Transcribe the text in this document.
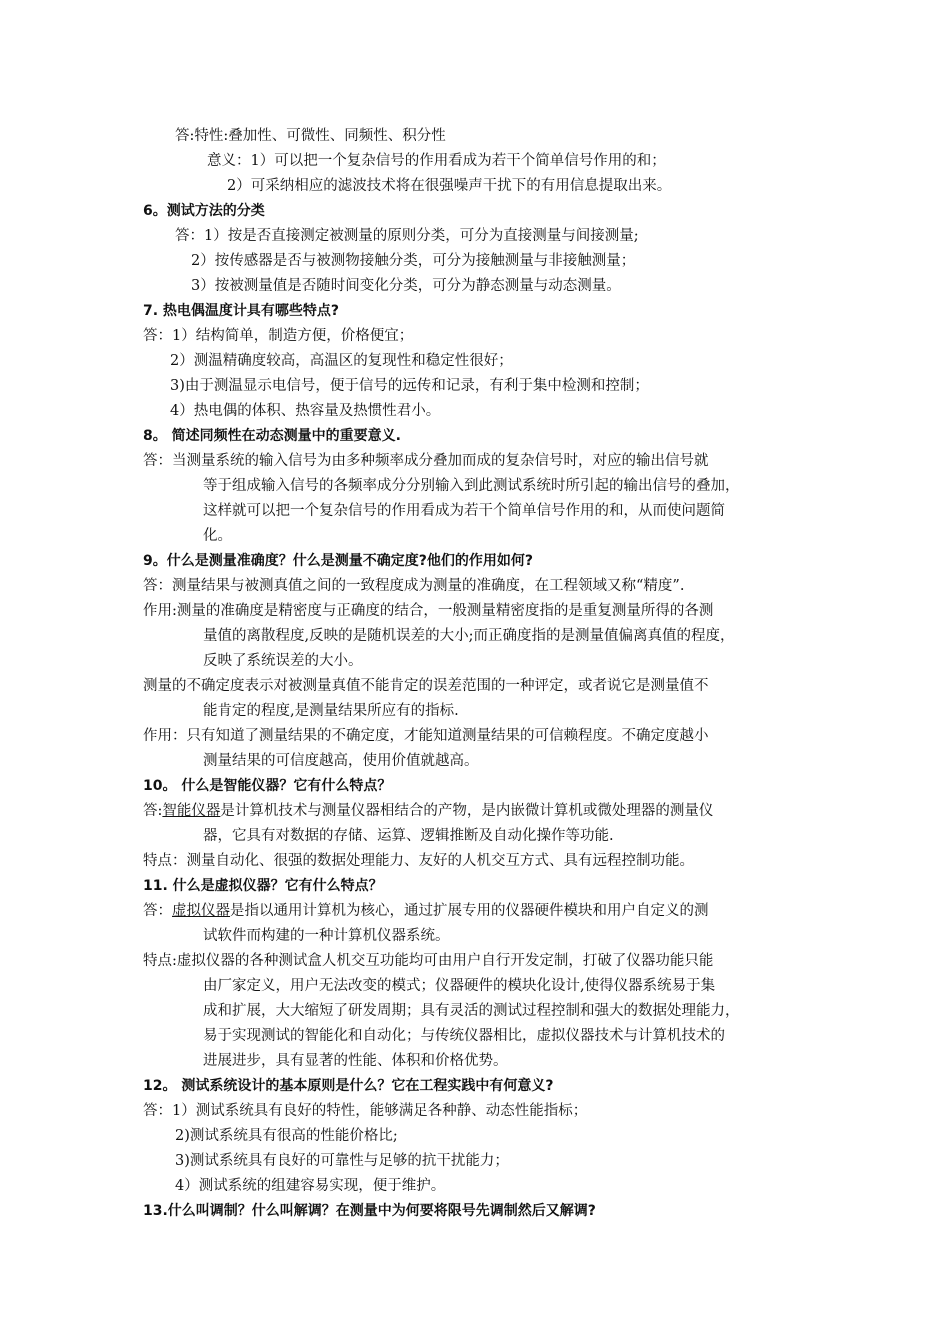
答:特性:叠加性、可微性、同频性、积分性
意义：1）可以把一个复杂信号的作用看成为若干个简单信号作用的和；
2）可采纳相应的滤波技术将在很强噪声干扰下的有用信息提取出来。
6。测试方法的分类
答：1）按是否直接测定被测量的原则分类，可分为直接测量与间接测量;
2）按传感器是否与被测物接触分类，可分为接触测量与非接触测量；
3）按被测量值是否随时间变化分类，可分为静态测量与动态测量。
7. 热电偶温度计具有哪些特点?
答：1）结构简单，制造方便，价格便宜；
2）测温精确度较高，高温区的复现性和稳定性很好；
3)由于测温显示电信号，便于信号的远传和记录，有利于集中检测和控制；
4）热电偶的体积、热容量及热惯性君小。
8。 简述同频性在动态测量中的重要意义.
答：当测量系统的输入信号为由多种频率成分叠加而成的复杂信号时，对应的输出信号就
等于组成输入信号的各频率成分分别输入到此测试系统时所引起的输出信号的叠加，
这样就可以把一个复杂信号的作用看成为若干个简单信号作用的和，从而使问题简
化。
9。什么是测量准确度？什么是测量不确定度?他们的作用如何?
答：测量结果与被测真值之间的一致程度成为测量的准确度，在工程领域又称“精度”.
作用:测量的准确度是精密度与正确度的结合，一般测量精密度指的是重复测量所得的各测
量值的离散程度,反映的是随机误差的大小;而正确度指的是测量值偏离真值的程度，
反映了系统误差的大小。
测量的不确定度表示对被测量真值不能肯定的误差范围的一种评定，或者说它是测量值不
能肯定的程度,是测量结果所应有的指标.
作用：只有知道了测量结果的不确定度，才能知道测量结果的可信赖程度。不确定度越小
测量结果的可信度越高，使用价值就越高。
10。 什么是智能仪器？它有什么特点？
答:智能仪器是计算机技术与测量仪器相结合的产物，是内嵌微计算机或微处理器的测量仪
器，它具有对数据的存储、运算、逻辑推断及自动化操作等功能.
特点：测量自动化、很强的数据处理能力、友好的人机交互方式、具有远程控制功能。
11. 什么是虚拟仪器？它有什么特点？
答：虚拟仪器是指以通用计算机为核心，通过扩展专用的仪器硬件模块和用户自定义的测
试软件而构建的一种计算机仪器系统。
特点:虚拟仪器的各种测试盒人机交互功能均可由用户自行开发定制，打破了仪器功能只能
由厂家定义，用户无法改变的模式；仪器硬件的模块化设计,使得仪器系统易于集
成和扩展，大大缩短了研发周期；具有灵活的测试过程控制和强大的数据处理能力，
易于实现测试的智能化和自动化；与传统仪器相比，虚拟仪器技术与计算机技术的
进展进步，具有显著的性能、体积和价格优势。
12。 测试系统设计的基本原则是什么？它在工程实践中有何意义?
答：1）测试系统具有良好的特性，能够满足各种静、动态性能指标；
2)测试系统具有很高的性能价格比;
3)测试系统具有良好的可靠性与足够的抗干扰能力；
4）测试系统的组建容易实现，便于维护。
13.什么叫调制？什么叫解调？在测量中为何要将限号先调制然后又解调?
